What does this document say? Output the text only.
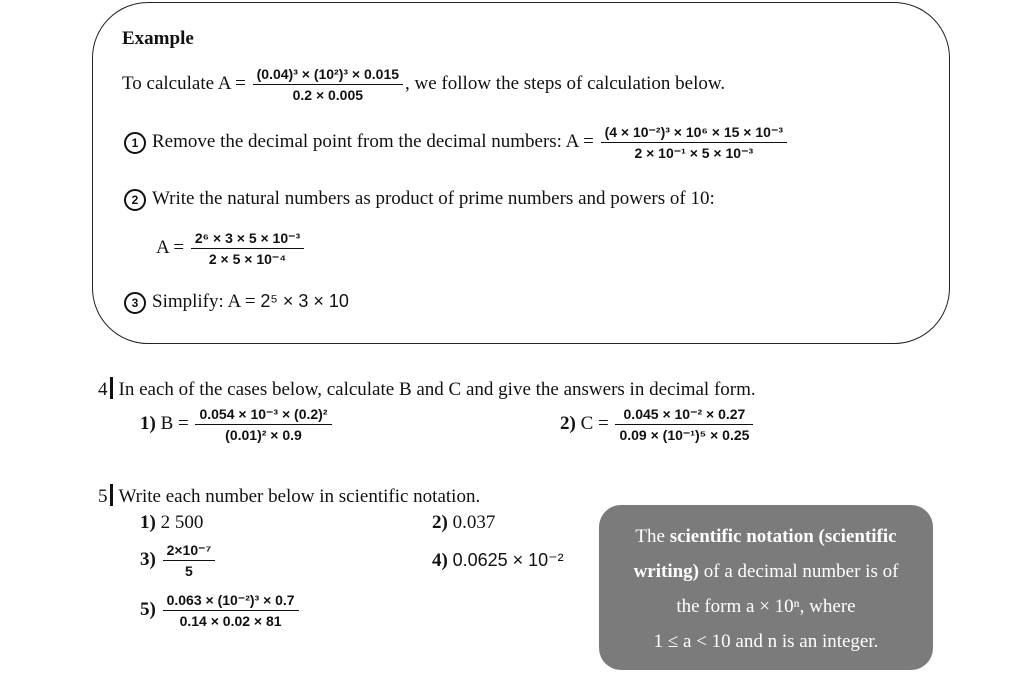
Example
To calculate $A = \frac{\text{(0.04)³ × (10²)³ × 0.015}}{0.2 \times 0.005}$ , we follow the steps of calculation below.
1 Remove the decimal point from the decimal numbers: $A = \frac{\text{(4 × 10⁻²)³ × 10⁶ × 15 × 10⁻³}}{\text{2 × 10⁻¹ × 5 × 10⁻³}}$
2 Write the natural numbers as product of prime numbers and powers of 10:
$A = \frac{\text{2⁶ × 3 × 5 × 10⁻³}}{\text{2 × 5 × 10⁻⁴}}$
3 Simplify: A = 2⁵ × 3 × 10
4 In each of the cases below, calculate B and C and give the answers in decimal form.
1) $B = \frac{\text{0.054 × 10⁻³ × (0.2)²}}{\text{(0.01)² × 0.9}}$	2) $C = \frac{\text{0.045 × 10⁻² × 0.27}}{\text{0.09 × (10⁻¹)⁵ × 0.25}}$
5 Write each number below in scientific notation.
1) 2 500	2) 0.037
$3) \frac{\text{2×10⁻⁷}}{5}$	4) 0.0625 × 10⁻²
$5) \frac{\text{0.063 × (10⁻²)³ × 0.7}}{0.14 \times 0.02 \times 81}$
The scientific notation (scientific
writing) of a decimal number is of
the form a × 10ⁿ, where
1 ≤ a < 10 and n is an integer.
